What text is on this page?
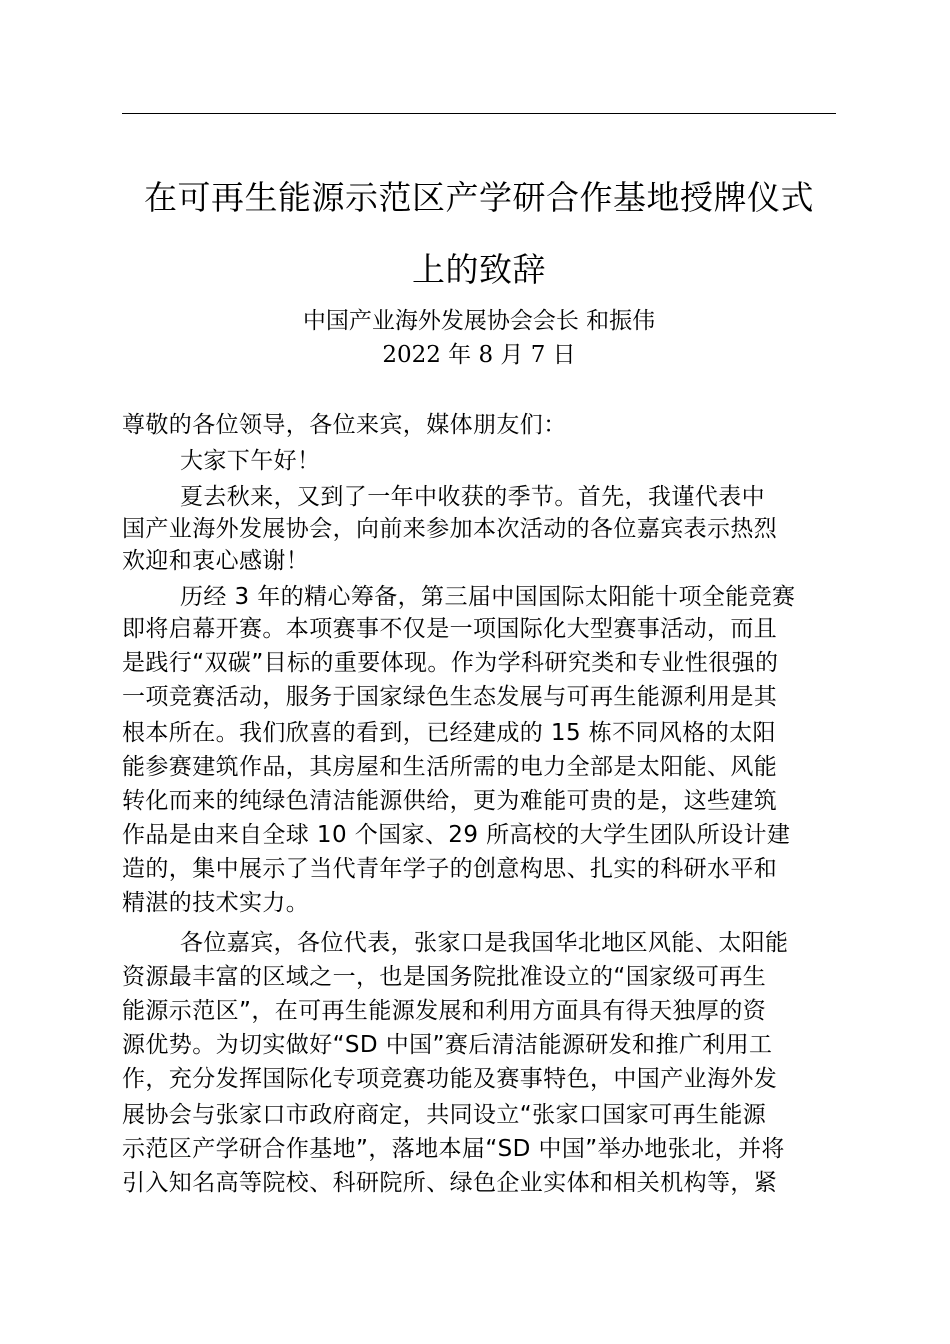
在可再生能源示范区产学研合作基地授牌仪式
上的致辞
中国产业海外发展协会会长 和振伟
2022 年 8 月 7 日
尊敬的各位领导，各位来宾，媒体朋友们：
大家下午好！
夏去秋来，又到了一年中收获的季节。首先，我谨代表中
国产业海外发展协会，向前来参加本次活动的各位嘉宾表示热烈
欢迎和衷心感谢！
历经 3 年的精心筹备，第三届中国国际太阳能十项全能竞赛
即将启幕开赛。本项赛事不仅是一项国际化大型赛事活动，而且
是践行“双碳”目标的重要体现。作为学科研究类和专业性很强的
一项竞赛活动，服务于国家绿色生态发展与可再生能源利用是其
根本所在。我们欣喜的看到，已经建成的 15 栋不同风格的太阳
能参赛建筑作品，其房屋和生活所需的电力全部是太阳能、风能
转化而来的纯绿色清洁能源供给，更为难能可贵的是，这些建筑
作品是由来自全球 10 个国家、29 所高校的大学生团队所设计建
造的，集中展示了当代青年学子的创意构思、扎实的科研水平和
精湛的技术实力。
各位嘉宾，各位代表，张家口是我国华北地区风能、太阳能
资源最丰富的区域之一，也是国务院批准设立的“国家级可再生
能源示范区”，在可再生能源发展和利用方面具有得天独厚的资
源优势。为切实做好“SD 中国”赛后清洁能源研发和推广利用工
作，充分发挥国际化专项竞赛功能及赛事特色，中国产业海外发
展协会与张家口市政府商定，共同设立“张家口国家可再生能源
示范区产学研合作基地”，落地本届“SD 中国”举办地张北，并将
引入知名高等院校、科研院所、绿色企业实体和相关机构等，紧
